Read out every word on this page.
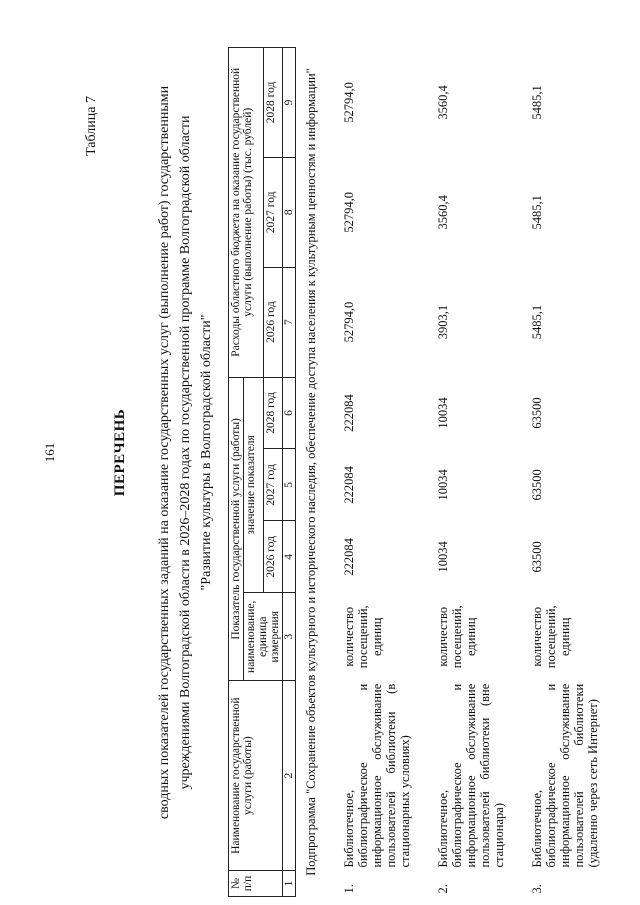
161
Таблица 7
ПЕРЕЧЕНЬ сводных показателей государственных заданий на оказание государственных услуг (выполнение работ) государственными учреждениями Волгоградской области в 2026–2028 годах по государственной программе Волгоградской области "Развитие культуры в Волгоградской области"
№ п/п	Наименование государственной услуги (работы)	Показатель государственной услуги (работы)				Расходы областного бюджета на оказание государственной услуги (выполнение работы) (тыс. рублей)		
		наименование, единица измерения	значение показателя					
			2026 год	2027 год	2028 год	2026 год	2027 год	2028 год
1	2	3	4	5	6	7	8	9
Подпрограмма "Сохранение объектов культурного и исторического наследия, обеспечение доступа населения к культурным ценностям и информации"								
1.	Библиотечное, библиографическое и информационное обслуживание пользователей библиотеки (в стационарных условиях)	количество посещений, единиц	222084	222084	222084	52794,0	52794,0	52794,0
2.	Библиотечное, библиографическое и информационное обслуживание пользователей библиотеки (вне стационара)	количество посещений, единиц	10034	10034	10034	3903,1	3560,4	3560,4
3.	Библиотечное, библиографическое и информационное обслуживание пользователей библиотеки (удаленно через сеть Интернет)	количество посещений, единиц	63500	63500	63500	5485,1	5485,1	5485,1
